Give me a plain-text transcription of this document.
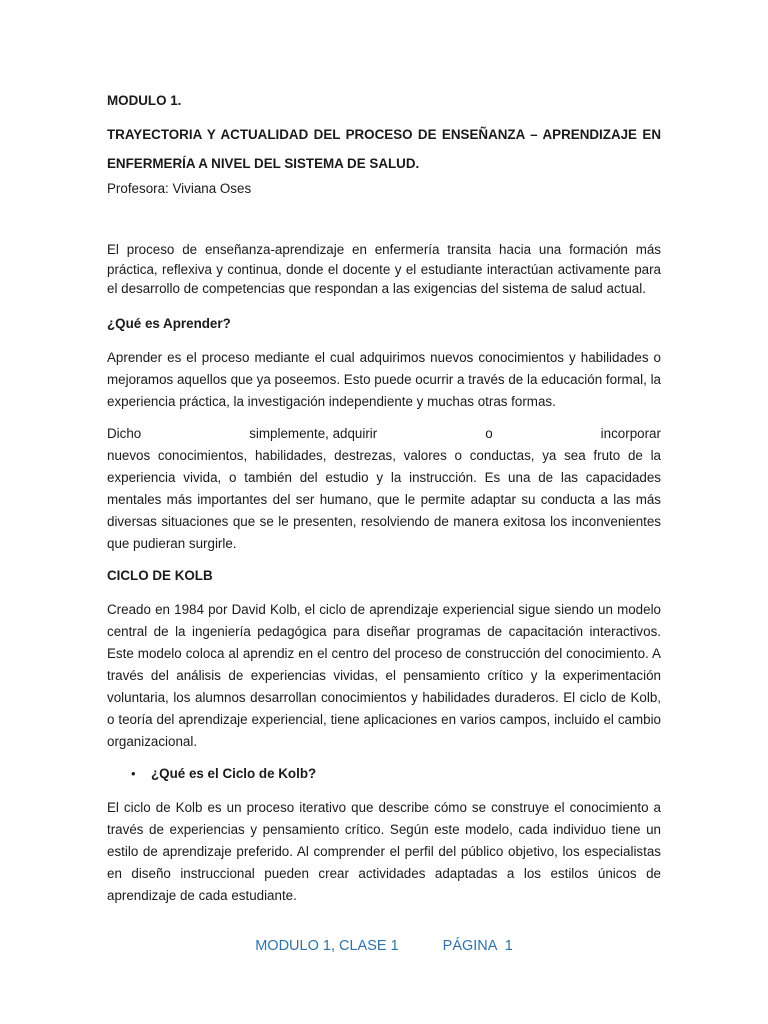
MODULO 1.

TRAYECTORIA Y ACTUALIDAD DEL PROCESO DE ENSEÑANZA – APRENDIZAJE EN ENFERMERÍA A NIVEL DEL SISTEMA DE SALUD.

Profesora: Viviana Oses

El proceso de enseñanza-aprendizaje en enfermería transita hacia una formación más práctica, reflexiva y continua, donde el docente y el estudiante interactúan activamente para el desarrollo de competencias que respondan a las exigencias del sistema de salud actual.

¿Qué es Aprender?

Aprender es el proceso mediante el cual adquirimos nuevos conocimientos y habilidades o mejoramos aquellos que ya poseemos. Esto puede ocurrir a través de la educación formal, la experiencia práctica, la investigación independiente y muchas otras formas.

Dicho	simplemente, adquirir	o	incorporar

nuevos conocimientos, habilidades, destrezas, valores o conductas, ya sea fruto de la experiencia vivida, o también del estudio y la instrucción. Es una de las capacidades mentales más importantes del ser humano, que le permite adaptar su conducta a las más diversas situaciones que se le presenten, resolviendo de manera exitosa los inconvenientes que pudieran surgirle.

CICLO DE KOLB

Creado en 1984 por David Kolb, el ciclo de aprendizaje experiencial sigue siendo un modelo central de la ingeniería pedagógica para diseñar programas de capacitación interactivos. Este modelo coloca al aprendiz en el centro del proceso de construcción del conocimiento. A través del análisis de experiencias vividas, el pensamiento crítico y la experimentación voluntaria, los alumnos desarrollan conocimientos y habilidades duraderos. El ciclo de Kolb, o teoría del aprendizaje experiencial, tiene aplicaciones en varios campos, incluido el cambio organizacional.

•	¿Qué es el Ciclo de Kolb?

El ciclo de Kolb es un proceso iterativo que describe cómo se construye el conocimiento a través de experiencias y pensamiento crítico. Según este modelo, cada individuo tiene un estilo de aprendizaje preferido. Al comprender el perfil del público objetivo, los especialistas en diseño instruccional pueden crear actividades adaptadas a los estilos únicos de aprendizaje de cada estudiante.

MODULO 1, CLASE 1	PÁGINA  1
